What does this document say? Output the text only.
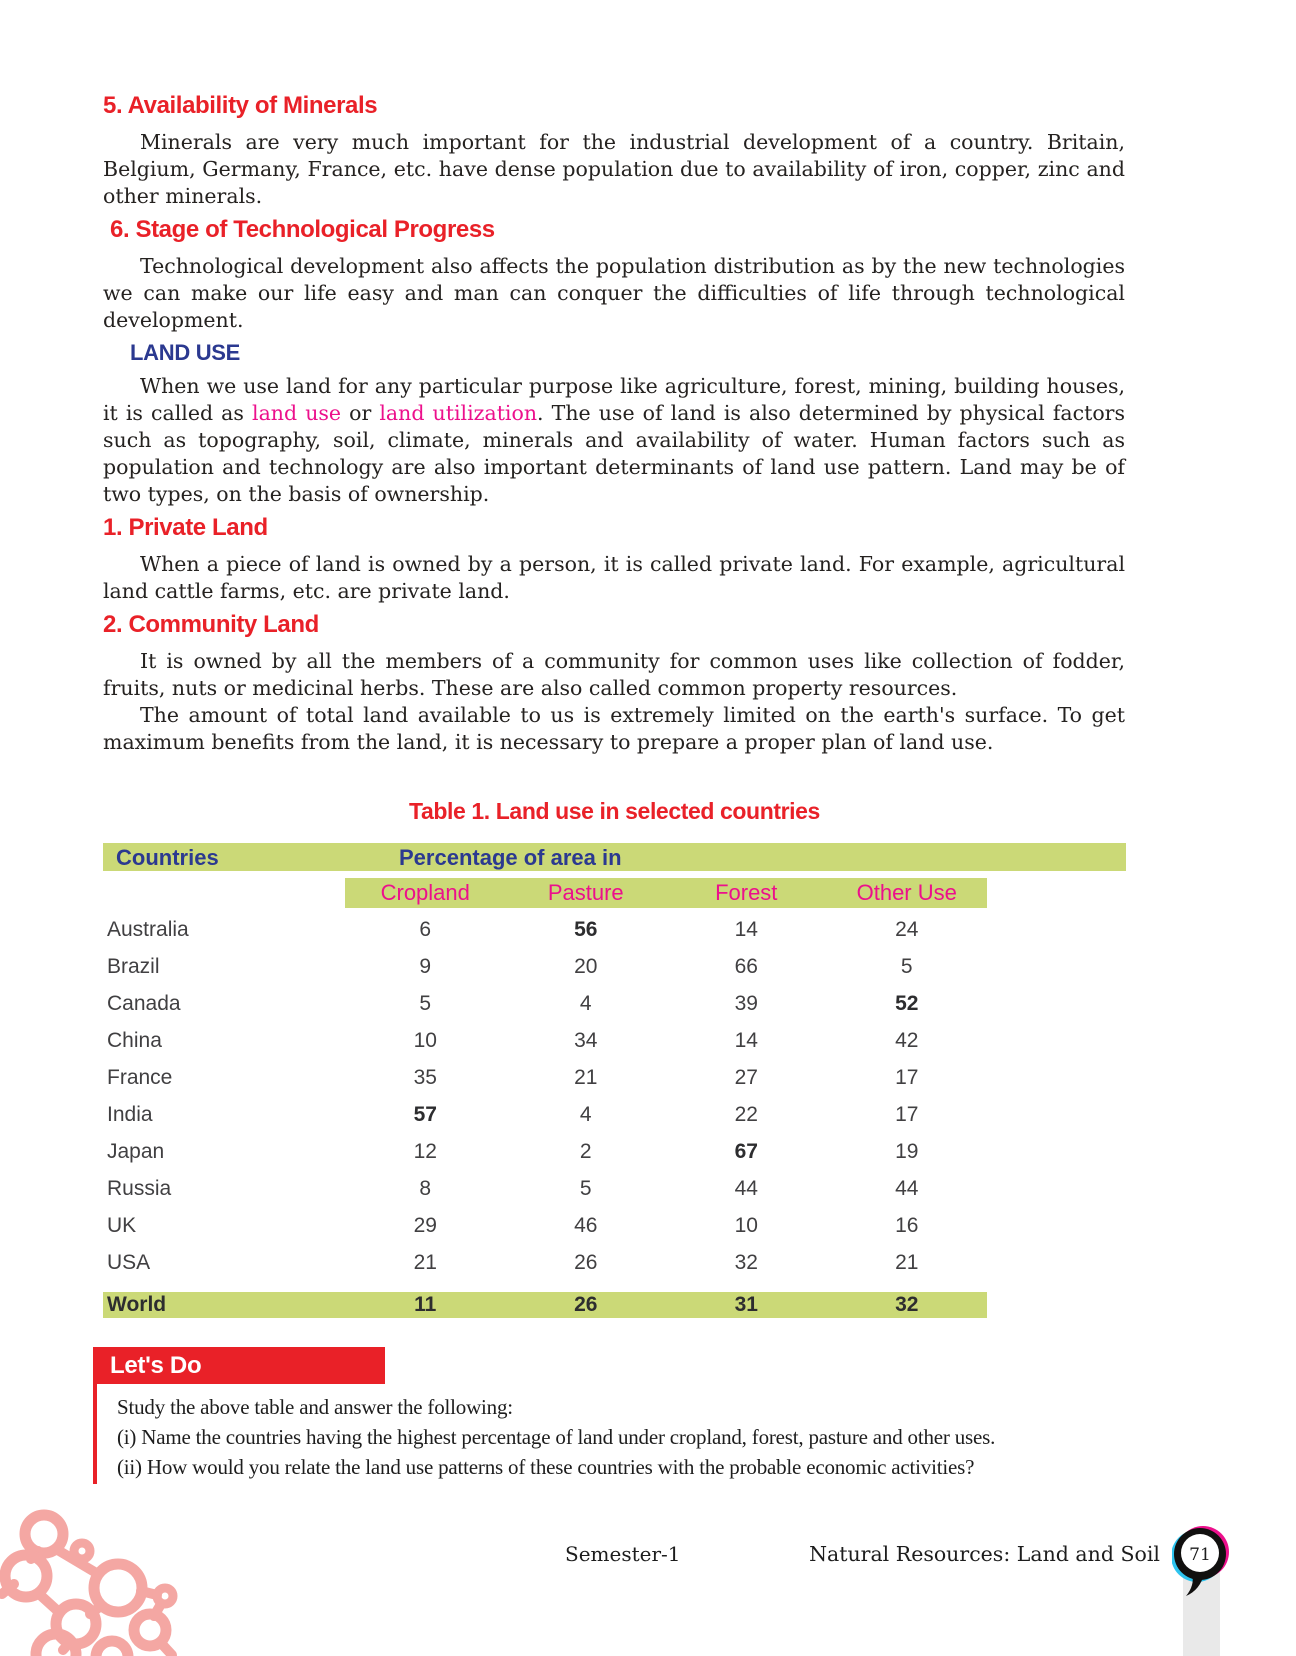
5. Availability of Minerals

Minerals are very much important for the industrial development of a country. Britain, Belgium, Germany, France, etc. have dense population due to availability of iron, copper, zinc and other minerals.

6. Stage of Technological Progress

Technological development also affects the population distribution as by the new technologies we can make our life easy and man can conquer the difficulties of life through technological development.

LAND USE

When we use land for any particular purpose like agriculture, forest, mining, building houses, it is called as land use or land utilization. The use of land is also determined by physical factors such as topography, soil, climate, minerals and availability of water. Human factors such as population and technology are also important determinants of land use pattern. Land may be of two types, on the basis of ownership.

1. Private Land

When a piece of land is owned by a person, it is called private land. For example, agricultural land cattle farms, etc. are private land.

2. Community Land

It is owned by all the members of a community for common uses like collection of fodder, fruits, nuts or medicinal herbs. These are also called common property resources.

The amount of total land available to us is extremely limited on the earth's surface. To get maximum benefits from the land, it is necessary to prepare a proper plan of land use.

Table 1. Land use in selected countries
Countries	Percentage of area in
Cropland	Pasture	Forest	Other Use
Australia	6	56	14	24
Brazil	9	20	66	5
Canada	5	4	39	52
China	10	34	14	42
France	35	21	27	17
India	57	4	22	17
Japan	12	2	67	19
Russia	8	5	44	44
UK	29	46	10	16
USA	21	26	32	21
World	11	26	31	32
Let's Do

Study the above table and answer the following:

(i) Name the countries having the highest percentage of land under cropland, forest, pasture and other uses.

(ii) How would you relate the land use patterns of these countries with the probable economic activities?

Semester-1	Natural Resources: Land and Soil 71
